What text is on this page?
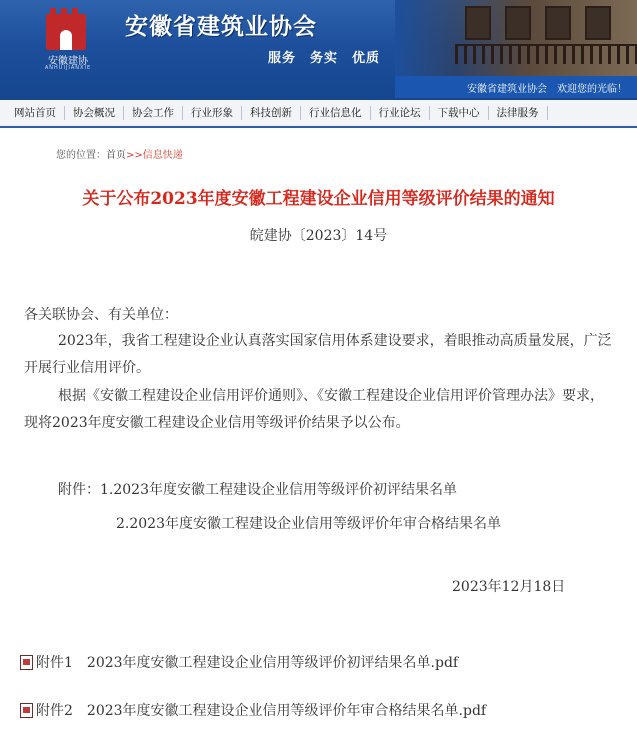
安徽建协
ANHUIJIANXIE
安徽省建筑业协会
服务　务实　优质
安徽省建筑业协会　欢迎您的光临！
网站首页	协会概况	协会工作	行业形象	科技创新	行业信息化	行业论坛	下载中心	法律服务
您的位置：首页>>信息快递
关于公布2023年度安徽工程建设企业信用等级评价结果的通知
皖建协〔2023〕14号
各关联协会、有关单位：
2023年，我省工程建设企业认真落实国家信用体系建设要求，着眼推动高质量发展，广泛开展行业信用评价。
根据《安徽工程建设企业信用评价通则》、《安徽工程建设企业信用评价管理办法》要求，现将2023年度安徽工程建设企业信用等级评价结果予以公布。
附件：1.2023年度安徽工程建设企业信用等级评价初评结果名单
2.2023年度安徽工程建设企业信用等级评价年审合格结果名单
2023年12月18日
附件1　2023年度安徽工程建设企业信用等级评价初评结果名单.pdf
附件2　2023年度安徽工程建设企业信用等级评价年审合格结果名单.pdf
